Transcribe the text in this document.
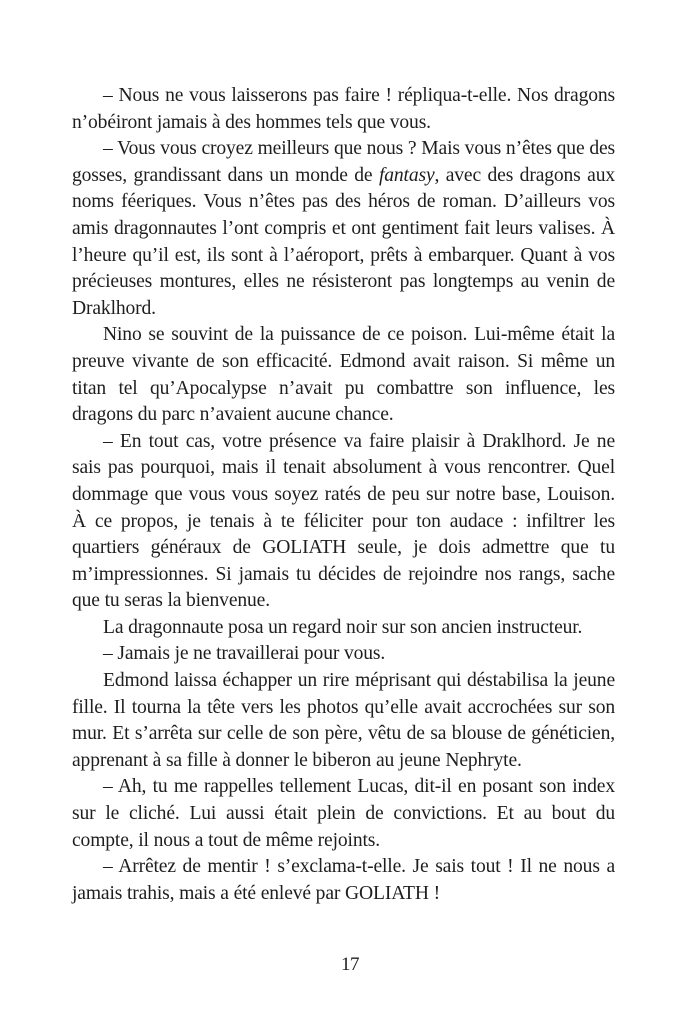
– Nous ne vous laisserons pas faire ! répliqua-t-elle. Nos dragons n’obéiront jamais à des hommes tels que vous.

– Vous vous croyez meilleurs que nous ? Mais vous n’êtes que des gosses, grandissant dans un monde de fantasy, avec des dragons aux noms féeriques. Vous n’êtes pas des héros de roman. D’ailleurs vos amis dragonnautes l’ont compris et ont gentiment fait leurs valises. À l’heure qu’il est, ils sont à l’aéroport, prêts à embarquer. Quant à vos précieuses montures, elles ne résisteront pas longtemps au venin de Draklhord.

Nino se souvint de la puissance de ce poison. Lui-même était la preuve vivante de son efficacité. Edmond avait raison. Si même un titan tel qu’Apocalypse n’avait pu combattre son influence, les dragons du parc n’avaient aucune chance.

– En tout cas, votre présence va faire plaisir à Draklhord. Je ne sais pas pourquoi, mais il tenait absolument à vous rencontrer. Quel dommage que vous vous soyez ratés de peu sur notre base, Louison. À ce propos, je tenais à te féliciter pour ton audace : infiltrer les quartiers généraux de GOLIATH seule, je dois admettre que tu m’impressionnes. Si jamais tu décides de rejoindre nos rangs, sache que tu seras la bienvenue.

La dragonnaute posa un regard noir sur son ancien instructeur.

– Jamais je ne travaillerai pour vous.

Edmond laissa échapper un rire méprisant qui déstabilisa la jeune fille. Il tourna la tête vers les photos qu’elle avait accrochées sur son mur. Et s’arrêta sur celle de son père, vêtu de sa blouse de généticien, apprenant à sa fille à donner le biberon au jeune Nephryte.

– Ah, tu me rappelles tellement Lucas, dit-il en posant son index sur le cliché. Lui aussi était plein de convictions. Et au bout du compte, il nous a tout de même rejoints.

– Arrêtez de mentir ! s’exclama-t-elle. Je sais tout ! Il ne nous a jamais trahis, mais a été enlevé par GOLIATH !

17
